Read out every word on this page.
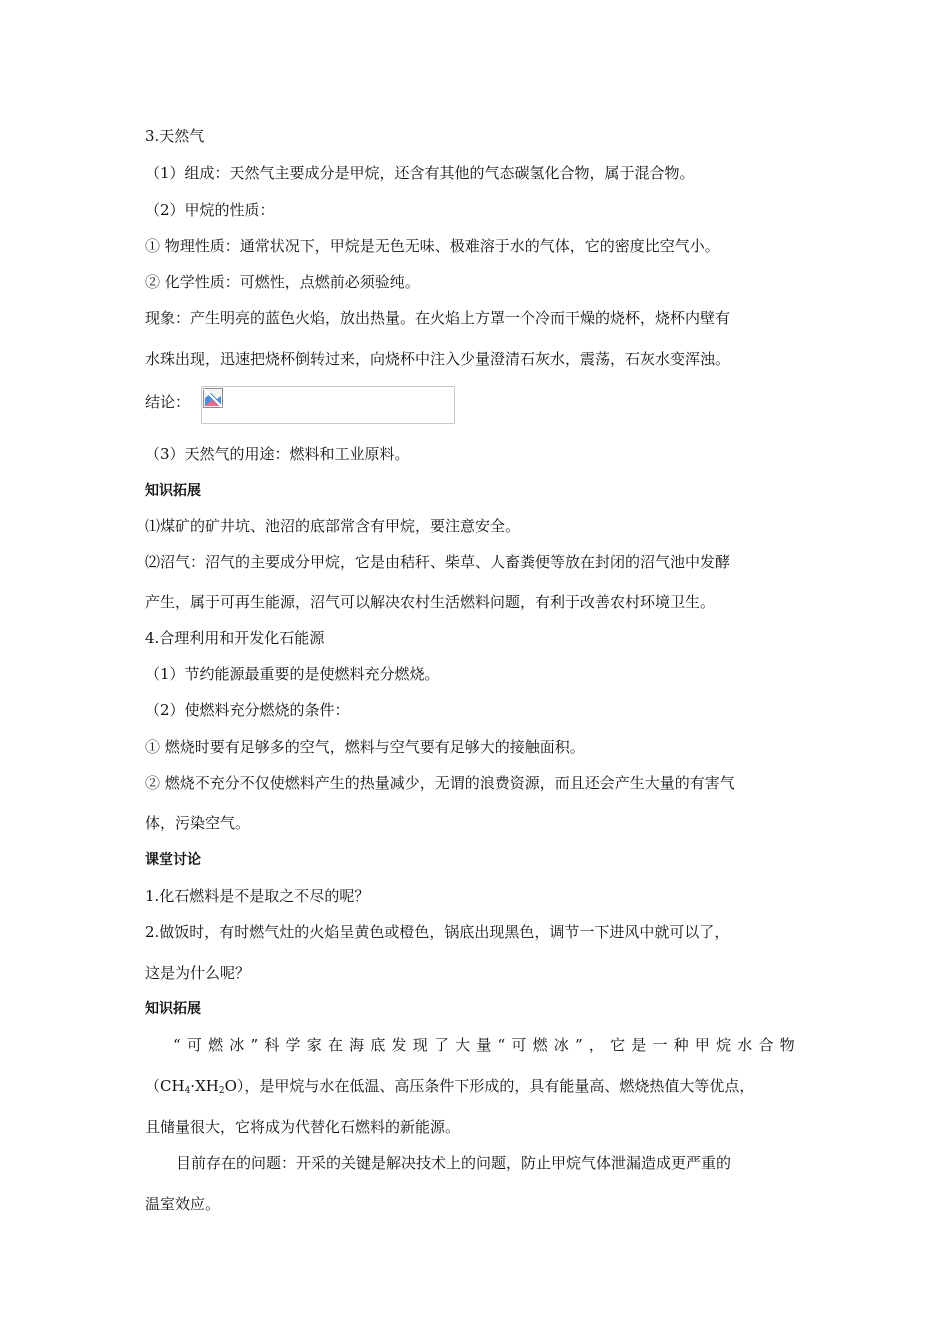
3.天然气
（1）组成：天然气主要成分是甲烷，还含有其他的气态碳氢化合物，属于混合物。
（2）甲烷的性质：
① 物理性质：通常状况下，甲烷是无色无味、极难溶于水的气体，它的密度比空气小。
② 化学性质：可燃性，点燃前必须验纯。
现象：产生明亮的蓝色火焰，放出热量。在火焰上方罩一个冷而干燥的烧杯，烧杯内壁有
水珠出现，迅速把烧杯倒转过来，向烧杯中注入少量澄清石灰水，震荡，石灰水变浑浊。
结论：
（3）天然气的用途：燃料和工业原料。
知识拓展
⑴煤矿的矿井坑、池沼的底部常含有甲烷，要注意安全。
⑵沼气：沼气的主要成分甲烷，它是由秸秆、柴草、人畜粪便等放在封闭的沼气池中发酵
产生，属于可再生能源，沼气可以解决农村生活燃料问题，有利于改善农村环境卫生。
4.合理利用和开发化石能源
（1）节约能源最重要的是使燃料充分燃烧。
（2）使燃料充分燃烧的条件：
① 燃烧时要有足够多的空气，燃料与空气要有足够大的接触面积。
② 燃烧不充分不仅使燃料产生的热量减少，无谓的浪费资源，而且还会产生大量的有害气
体，污染空气。
课堂讨论
1.化石燃料是不是取之不尽的呢？
2.做饭时，有时燃气灶的火焰呈黄色或橙色，锅底出现黑色，调节一下进风中就可以了，
这是为什么呢？
知识拓展
“可燃冰”科学家在海底发现了大量“可燃冰”，它是一种甲烷水合物
$(CH_4\cdot XH_2O)$，是甲烷与水在低温、高压条件下形成的，具有能量高、燃烧热值大等优点，
且储量很大，它将成为代替化石燃料的新能源。
目前存在的问题：开采的关键是解决技术上的问题，防止甲烷气体泄漏造成更严重的
温室效应。
